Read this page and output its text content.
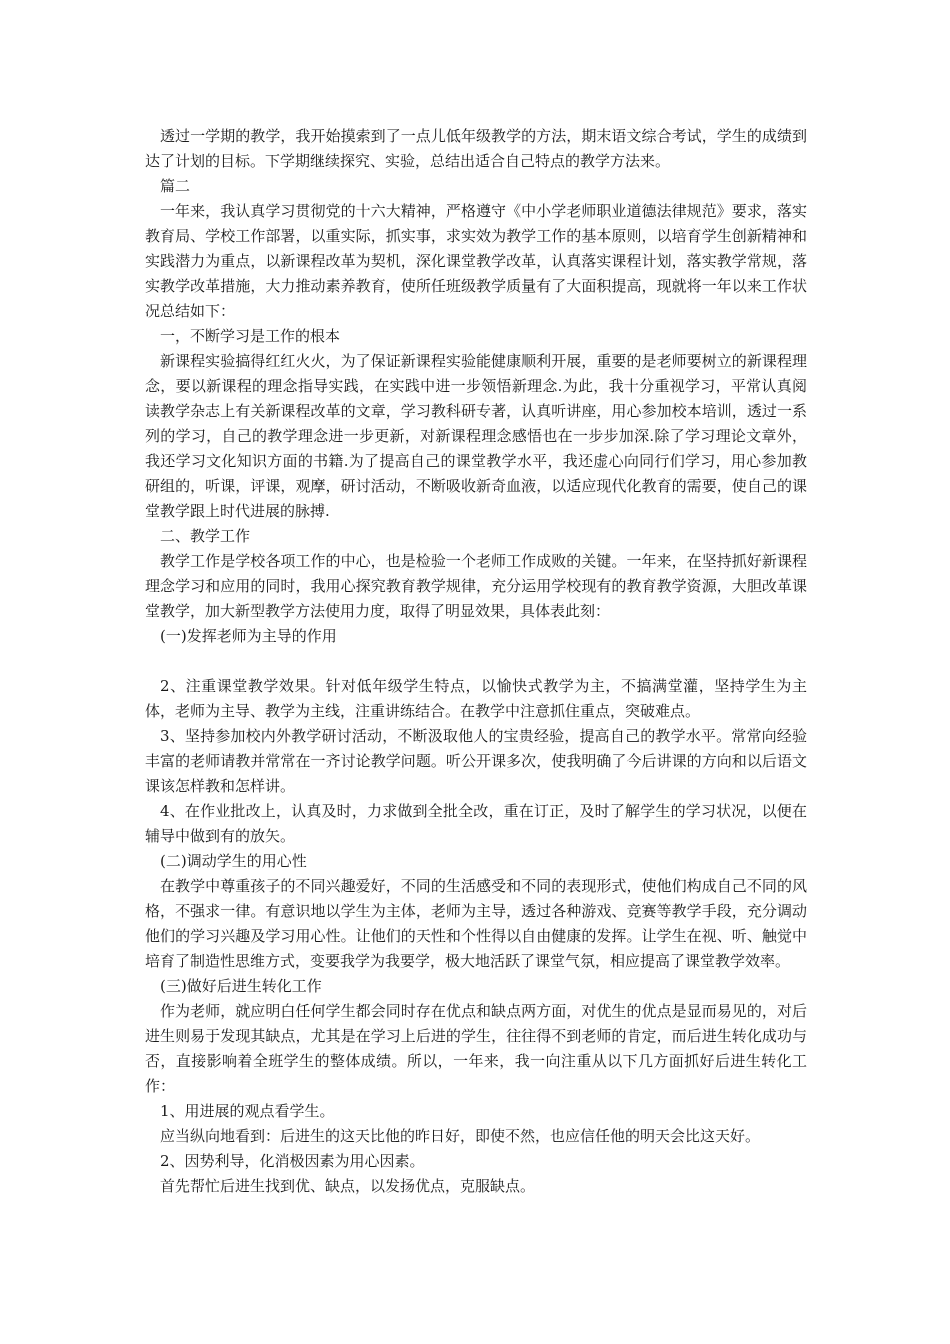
透过一学期的教学，我开始摸索到了一点儿低年级教学的方法，期末语文综合考试，学生的成绩到达了计划的目标。下学期继续探究、实验，总结出适合自己特点的教学方法来。

篇二

一年来，我认真学习贯彻党的十六大精神，严格遵守《中小学老师职业道德法律规范》要求，落实教育局、学校工作部署，以重实际，抓实事，求实效为教学工作的基本原则，以培育学生创新精神和实践潜力为重点，以新课程改革为契机，深化课堂教学改革，认真落实课程计划，落实教学常规，落实教学改革措施，大力推动素养教育，使所任班级教学质量有了大面积提高，现就将一年以来工作状况总结如下：

一，不断学习是工作的根本

新课程实验搞得红红火火，为了保证新课程实验能健康顺利开展，重要的是老师要树立的新课程理念，要以新课程的理念指导实践，在实践中进一步领悟新理念.为此，我十分重视学习，平常认真阅读教学杂志上有关新课程改革的文章，学习教科研专著，认真听讲座，用心参加校本培训，透过一系列的学习，自己的教学理念进一步更新，对新课程理念感悟也在一步步加深.除了学习理论文章外，我还学习文化知识方面的书籍.为了提高自己的课堂教学水平，我还虚心向同行们学习，用心参加教研组的，听课，评课，观摩，研讨活动，不断吸收新奇血液，以适应现代化教育的需要，使自己的课堂教学跟上时代进展的脉搏.

二、教学工作

教学工作是学校各项工作的中心，也是检验一个老师工作成败的关键。一年来，在坚持抓好新课程理念学习和应用的同时，我用心探究教育教学规律，充分运用学校现有的教育教学资源，大胆改革课堂教学，加大新型教学方法使用力度，取得了明显效果，具体表此刻：

(一)发挥老师为主导的作用

2、注重课堂教学效果。针对低年级学生特点，以愉快式教学为主，不搞满堂灌，坚持学生为主体，老师为主导、教学为主线，注重讲练结合。在教学中注意抓住重点，突破难点。

3、坚持参加校内外教学研讨活动，不断汲取他人的宝贵经验，提高自己的教学水平。常常向经验丰富的老师请教并常常在一齐讨论教学问题。听公开课多次，使我明确了今后讲课的方向和以后语文课该怎样教和怎样讲。

4、在作业批改上，认真及时，力求做到全批全改，重在订正，及时了解学生的学习状况，以便在辅导中做到有的放矢。

(二)调动学生的用心性

在教学中尊重孩子的不同兴趣爱好，不同的生活感受和不同的表现形式，使他们构成自己不同的风格，不强求一律。有意识地以学生为主体，老师为主导，透过各种游戏、竞赛等教学手段，充分调动他们的学习兴趣及学习用心性。让他们的天性和个性得以自由健康的发挥。让学生在视、听、触觉中培育了制造性思维方式，变要我学为我要学，极大地活跃了课堂气氛，相应提高了课堂教学效率。

(三)做好后进生转化工作

作为老师，就应明白任何学生都会同时存在优点和缺点两方面，对优生的优点是显而易见的，对后进生则易于发现其缺点，尤其是在学习上后进的学生，往往得不到老师的肯定，而后进生转化成功与否，直接影响着全班学生的整体成绩。所以，一年来，我一向注重从以下几方面抓好后进生转化工作：

1、用进展的观点看学生。

应当纵向地看到：后进生的这天比他的昨日好，即使不然，也应信任他的明天会比这天好。

2、因势利导，化消极因素为用心因素。

首先帮忙后进生找到优、缺点，以发扬优点，克服缺点。
